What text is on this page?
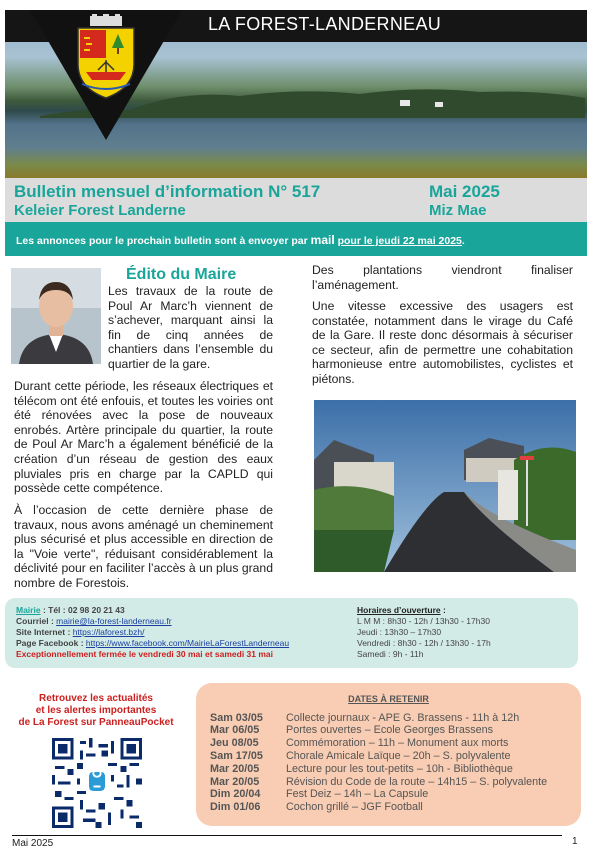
LA FOREST-LANDERNEAU
Bulletin mensuel d’information N° 517
Keleier Forest Landerne
Mai 2025
Miz Mae
Les annonces pour le prochain bulletin sont à envoyer par mail pour le jeudi 22 mai 2025.
Édito du Maire

Les travaux de la route de Poul Ar Marc’h viennent de s’achever, marquant ainsi la fin de cinq années de chantiers dans l’ensemble du quartier de la gare.

Durant cette période, les réseaux électriques et télécom ont été enfouis, et toutes les voiries ont été rénovées avec la pose de nouveaux enrobés. Artère principale du quartier, la route de Poul Ar Marc’h a également bénéficié de la création d’un réseau de gestion des eaux pluviales pris en charge par la CAPLD qui possède cette compétence.

À l’occasion de cette dernière phase de travaux, nous avons aménagé un cheminement plus sécurisé et plus accessible en direction de la "Voie verte", réduisant considérablement la déclivité pour en faciliter l’accès à un plus grand nombre de Forestois.

Des plantations viendront finaliser l’aménagement.

Une vitesse excessive des usagers est constatée, notamment dans le virage du Café de la Gare. Il reste donc désormais à sécuriser ce secteur, afin de permettre une cohabitation harmonieuse entre automobilistes, cyclistes et piétons.

Mairie : Tél : 02 98 20 21 43
Courriel : mairie@la-forest-landerneau.fr
Site Internet : https://laforest.bzh/
Page Facebook : https://www.facebook.com/MairieLaForestLanderneau
Exceptionnellement fermée le vendredi 30 mai et samedi 31 mai
Horaires d’ouverture :
L M M : 8h30 - 12h / 13h30 - 17h30
Jeudi : 13h30 – 17h30
Vendredi : 8h30 - 12h / 13h30 - 17h
Samedi : 9h - 11h
Retrouvez les actualités
et les alertes importantes
de La Forest sur PanneauPocket
DATES À RETENIR
Sam 03/05 Collecte journaux - APE G. Brassens - 11h à 12h
Mar 06/05 Portes ouvertes – Ecole Georges Brassens
Jeu 08/05	Commémoration – 11h – Monument aux morts
Sam 17/05 Chorale Amicale Laïque – 20h – S. polyvalente
Mar 20/05 Lecture pour les tout-petits – 10h - Bibliothèque
Mar 20/05 Révision du Code de la route – 14h15 – S. polyvalente
Dim 20/04 Fest Deiz – 14h – La Capsule
Dim 01/06 Cochon grillé – JGF Football
Mai 2025	1
